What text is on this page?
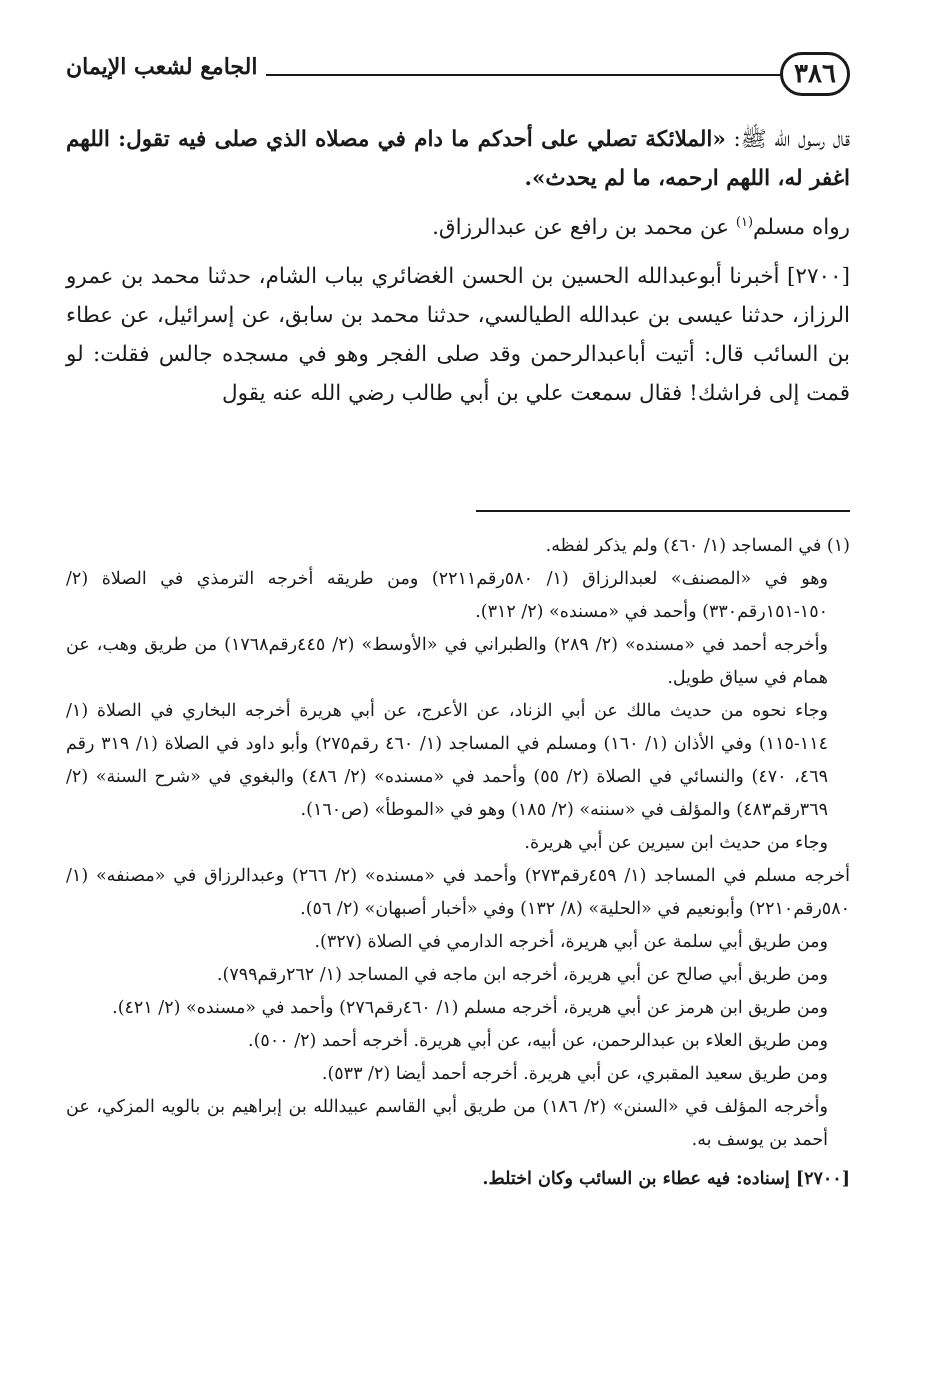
٣٨٦
الجامع لشعب الإيمان

قال رسول الله ﷺ: «الملائكة تصلي على أحدكم ما دام في مصلاه الذي صلى فيه تقول: اللهم اغفر له، اللهم ارحمه، ما لم يحدث».

رواه مسلم$^{(١)}$ عن محمد بن رافع عن عبدالرزاق.

[٢٧٠٠] أخبرنا أبوعبدالله الحسين بن الحسن الغضائري بباب الشام، حدثنا محمد بن عمرو الرزاز، حدثنا عيسى بن عبدالله الطيالسي، حدثنا محمد بن سابق، عن إسرائيل، عن عطاء بن السائب قال: أتيت أباعبدالرحمن وقد صلى الفجر وهو في مسجده جالس فقلت: لو قمت إلى فراشك! فقال سمعت علي بن أبي طالب رضي الله عنه يقول

(١) في المساجد (١/ ٤٦٠) ولم يذكر لفظه.

وهو في «المصنف» لعبدالرزاق (١/ ٥٨٠رقم٢٢١١) ومن طريقه أخرجه الترمذي في الصلاة (٢/ ١٥٠-١٥١رقم٣٣٠) وأحمد في «مسنده» (٢/ ٣١٢).

وأخرجه أحمد في «مسنده» (٢/ ٢٨٩) والطبراني في «الأوسط» (٢/ ٤٤٥رقم١٧٦٨) من طريق وهب، عن همام في سياق طويل.

وجاء نحوه من حديث مالك عن أبي الزناد، عن الأعرج، عن أبي هريرة أخرجه البخاري في الصلاة (١/ ١١٤-١١٥) وفي الأذان (١/ ١٦٠) ومسلم في المساجد (١/ ٤٦٠ رقم٢٧٥) وأبو داود في الصلاة (١/ ٣١٩ رقم ٤٦٩، ٤٧٠) والنسائي في الصلاة (٢/ ٥٥) وأحمد في «مسنده» (٢/ ٤٨٦) والبغوي في «شرح السنة» (٢/ ٣٦٩رقم٤٨٣) والمؤلف في «سننه» (٢/ ١٨٥) وهو في «الموطأ» (ص١٦٠).

وجاء من حديث ابن سيرين عن أبي هريرة.

أخرجه مسلم في المساجد (١/ ٤٥٩رقم٢٧٣) وأحمد في «مسنده» (٢/ ٢٦٦) وعبدالرزاق في «مصنفه» (١/ ٥٨٠رقم٢٢١٠) وأبونعيم في «الحلية» (٨/ ١٣٢) وفي «أخبار أصبهان» (٢/ ٥٦).

ومن طريق أبي سلمة عن أبي هريرة، أخرجه الدارمي في الصلاة (٣٢٧).

ومن طريق أبي صالح عن أبي هريرة، أخرجه ابن ماجه في المساجد (١/ ٢٦٢رقم٧٩٩).

ومن طريق ابن هرمز عن أبي هريرة، أخرجه مسلم (١/ ٤٦٠رقم٢٧٦) وأحمد في «مسنده» (٢/ ٤٢١).

ومن طريق العلاء بن عبدالرحمن، عن أبيه، عن أبي هريرة. أخرجه أحمد (٢/ ٥٠٠).

ومن طريق سعيد المقبري، عن أبي هريرة. أخرجه أحمد أيضا (٢/ ٥٣٣).

وأخرجه المؤلف في «السنن» (٢/ ١٨٦) من طريق أبي القاسم عبيدالله بن إبراهيم بن بالويه المزكي، عن أحمد بن يوسف به.

[٢٧٠٠] إسناده: فيه عطاء بن السائب وكان اختلط.
